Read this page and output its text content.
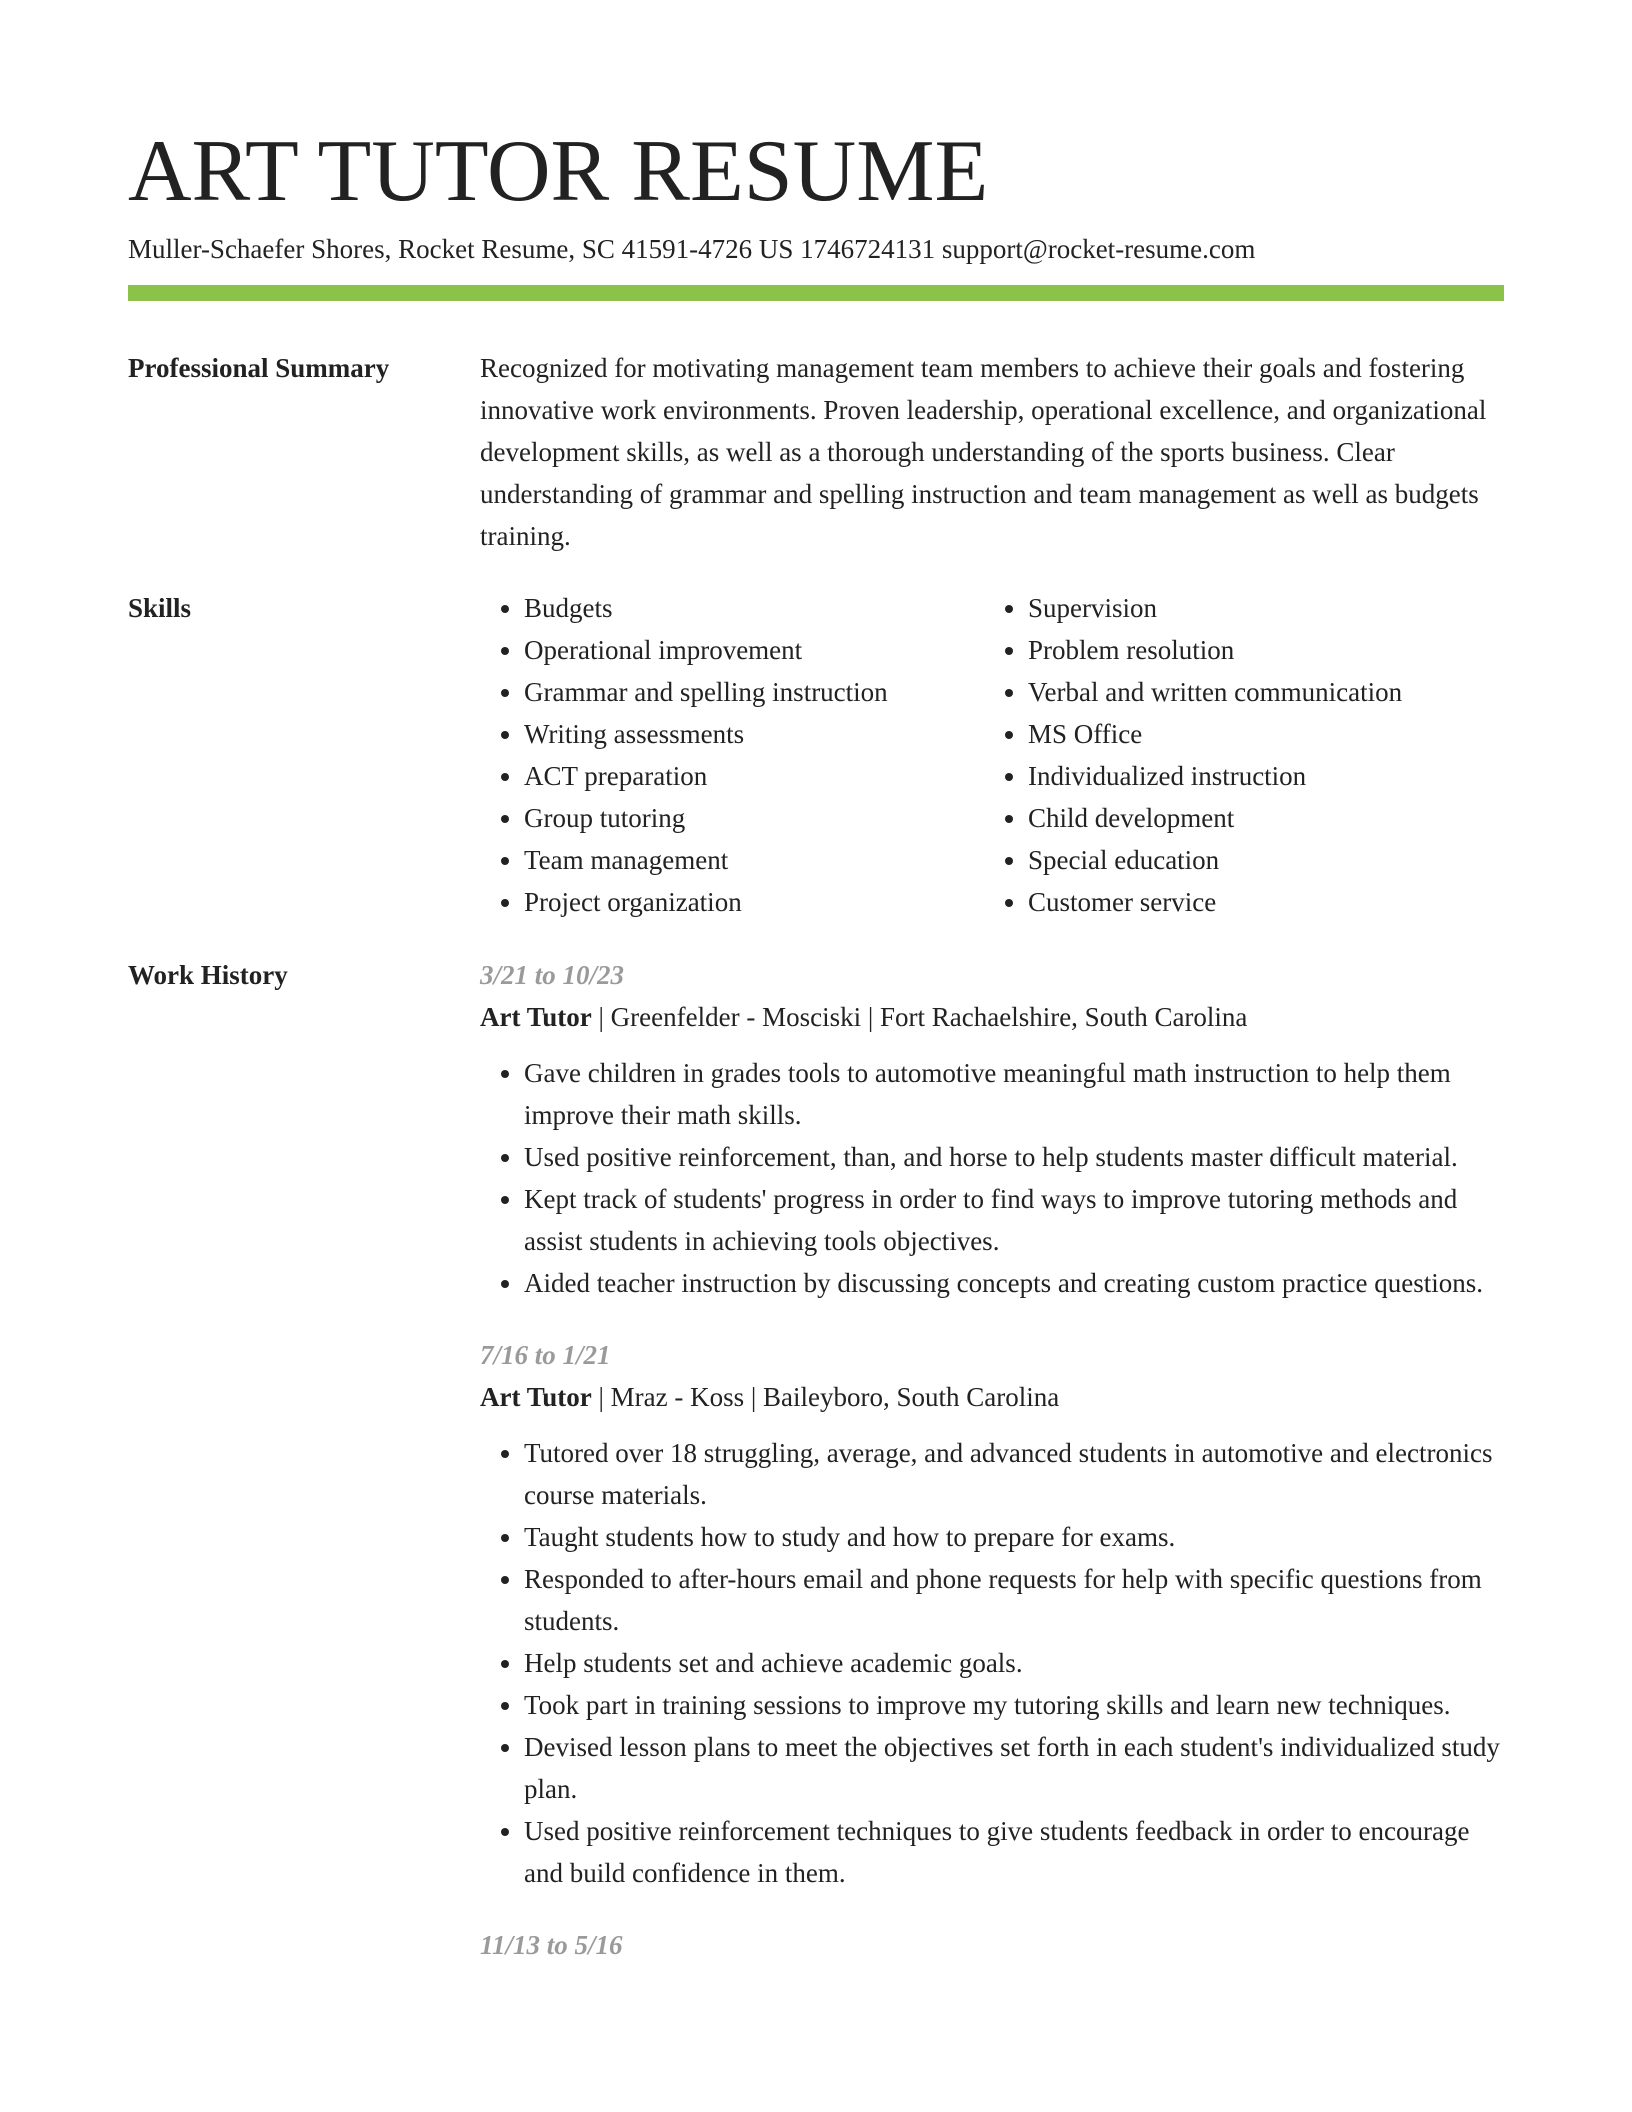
ART TUTOR RESUME
Muller-Schaefer Shores, Rocket Resume, SC 41591-4726 US 1746724131 support@rocket-resume.com
Professional Summary	Recognized for motivating management team members to achieve their goals and fostering innovative work environments. Proven leadership, operational excellence, and organizational development skills, as well as a thorough understanding of the sports business. Clear understanding of grammar and spelling instruction and team management as well as budgets training.

Skills
•	Budgets
• Operational improvement
• Grammar and spelling instruction
• Writing assessments
• ACT preparation
• Group tutoring
• Team management
• Project organization
• Supervision
• Problem resolution
• Verbal and written communication
• MS Office
• Individualized instruction
• Child development
• Special education
• Customer service
Work History	3/21 to 10/23
Art Tutor | Greenfelder - Mosciski | Fort Rachaelshire, South Carolina
• Gave children in grades tools to automotive meaningful math instruction to help them improve their math skills.
• Used positive reinforcement, than, and horse to help students master difficult material.
• Kept track of students' progress in order to find ways to improve tutoring methods and assist students in achieving tools objectives.
• Aided teacher instruction by discussing concepts and creating custom practice questions.
7/16 to 1/21
Art Tutor | Mraz - Koss | Baileyboro, South Carolina
• Tutored over 18 struggling, average, and advanced students in automotive and electronics course materials.
• Taught students how to study and how to prepare for exams.
• Responded to after-hours email and phone requests for help with specific questions from students.
• Help students set and achieve academic goals.
• Took part in training sessions to improve my tutoring skills and learn new techniques.
• Devised lesson plans to meet the objectives set forth in each student's individualized study plan.
• Used positive reinforcement techniques to give students feedback in order to encourage and build confidence in them.
11/13 to 5/16
